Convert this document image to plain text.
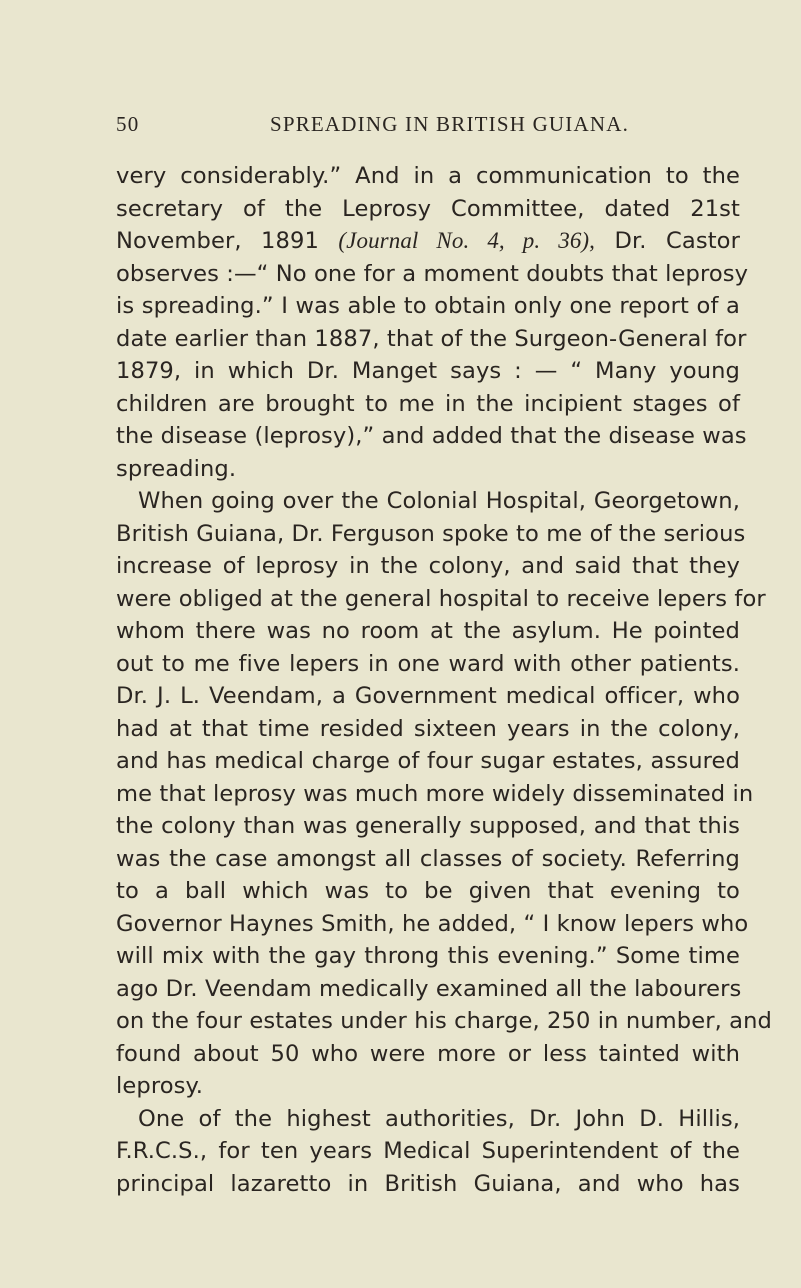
50	SPREADING IN BRITISH GUIANA.
very considerably.” And in a communication to the
secretary of the Leprosy Committee, dated 21st
November, 1891 (Journal No. 4, p. 36), Dr. Castor
observes :—“ No one for a moment doubts that leprosy
is spreading.” I was able to obtain only one report of a
date earlier than 1887, that of the Surgeon-General for
1879, in which Dr. Manget says : — “ Many young
children are brought to me in the incipient stages of
the disease (leprosy),” and added that the disease was
spreading.
When going over the Colonial Hospital, Georgetown,
British Guiana, Dr. Ferguson spoke to me of the serious
increase of leprosy in the colony, and said that they
were obliged at the general hospital to receive lepers for
whom there was no room at the asylum. He pointed
out to me five lepers in one ward with other patients.
Dr. J. L. Veendam, a Government medical officer, who
had at that time resided sixteen years in the colony,
and has medical charge of four sugar estates, assured
me that leprosy was much more widely disseminated in
the colony than was generally supposed, and that this
was the case amongst all classes of society. Referring
to a ball which was to be given that evening to
Governor Haynes Smith, he added, “ I know lepers who
will mix with the gay throng this evening.” Some time
ago Dr. Veendam medically examined all the labourers
on the four estates under his charge, 250 in number, and
found about 50 who were more or less tainted with
leprosy.
One of the highest authorities, Dr. John D. Hillis,
F.R.C.S., for ten years Medical Superintendent of the
principal lazaretto in British Guiana, and who has
